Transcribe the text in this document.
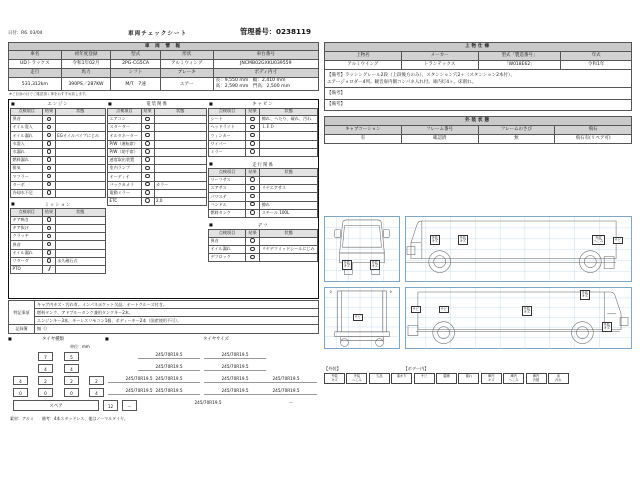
日付：R6. 03/04	車両チェックシート	管理番号：0238119
車 両 情 報				
車名	初年度登録	型式	形状	車台番号
UDトラックス	令和1年02月	2PG-CG5CA	アルミウィング	JNCMB02GXKU039559
走行	馬力	シフト	ブレーキ	ボディ内寸
531,312km	390PS／287KW	M/T　7速	エアー	長：9,550 mm 幅：2,410 mm
高：2,590 mm 門高：2,500 mm
※ご自身の目でご確認頂く事をおすすめ致します。
■	エンジン
点検項目	結果	状態
異音		
オイル混入		
オイル漏れ		EGオイルパイプにじみ
水混入		
水漏れ		
燃料漏れ		
排気		
マフラー		
ターボ		
冷却水不足		
■	ミッション
点検項目	結果	状態
ギア鳴き		
ギア抜け		
クラッチ		
異音		
オイル漏れ		
リターダ		永久磁石式
PTO		
■	電装関係
点検項目	結果	状態
エアコン		
スターター		
オルタネーター		
P/W（運転席）		
P/W（助手席）		
速度取出装置		
室内ランプ		
オーディオ		
バックカメラ		カラー
電動ミラー		
ETC		2.0
■	キャビン
点検項目	結果	状態
シート		擦れ、へたり、破れ、汚れ
ヘッドライト		ＬＥＤ
ウィンカー		
ワイパー		
ミラー		
■	走行関係
点検項目	結果	状態
リーフサス		
エアサス		リヤエアサス
パワステ		
ハンドル		擦れ
燃料タンク		スチール 100L
■	デフ
点検項目	結果	状態
異音		
オイル漏れ		リヤデフミッドシールにじみ
デフロック		
特記事項	キャブ内キズ・汚れ有。インパネポケット欠品。オートクルーズ付き。
	燃料タンク、アドブルータンク兼用タンクキー2本。
	エンジンキー3本、キーレスリモコン1個、ボディーキー2本（国産使用不可）。
記録簿	無（）
■	タイヤ種類	■	タイヤサイズ
単位：mm
7	5
4	4
4	2	2	2
0	0	0	4
スペア	12	ー
245/70R19.5	245/70R19.5
245/70R19.5	245/70R19.5
245/70R19.5 245/70R19.5	245/70R19.5	245/70R19.5
245/70R19.5 245/70R19.5	245/70R19.5	245/70R19.5
245/70R19.5	ー
素材：アルミ　　備考：4本スタッドレス、他はノーマルタイヤ。
上物仕様			
上物名	メーカー	型式「製造番号」	年式
アルミウイング	トランテックス	「W018E62」	令和1年
【備考】ラッシングレール2段（上段後方のみ）、スタンション穴2ヶ（スタンション2本付）、
エアージョロダー4列。観音扉内側コンパネ入れ付。庫内灯4ヶ。床削れ。			
【備考】			
【備考】			
外装状態			
キャブコーション	フレーム番号	フレームのさび	飛石
有	確認済	無	飛石有(リペア可)
外装
キズ
外装
キズ
外装
キズ
外装
キズ
外装
へこみ	サビ
サビ
0	0
サビ	サビ	外装
キズ
外装
キズ
外装
キズ
【外装】	【ボデー内】
外装
キズ外装
へこみ欠品	曲がり	サビ	腐蝕	割れ	庫内
キズ庫内
へこみ庫内
汚損床
汚れ
